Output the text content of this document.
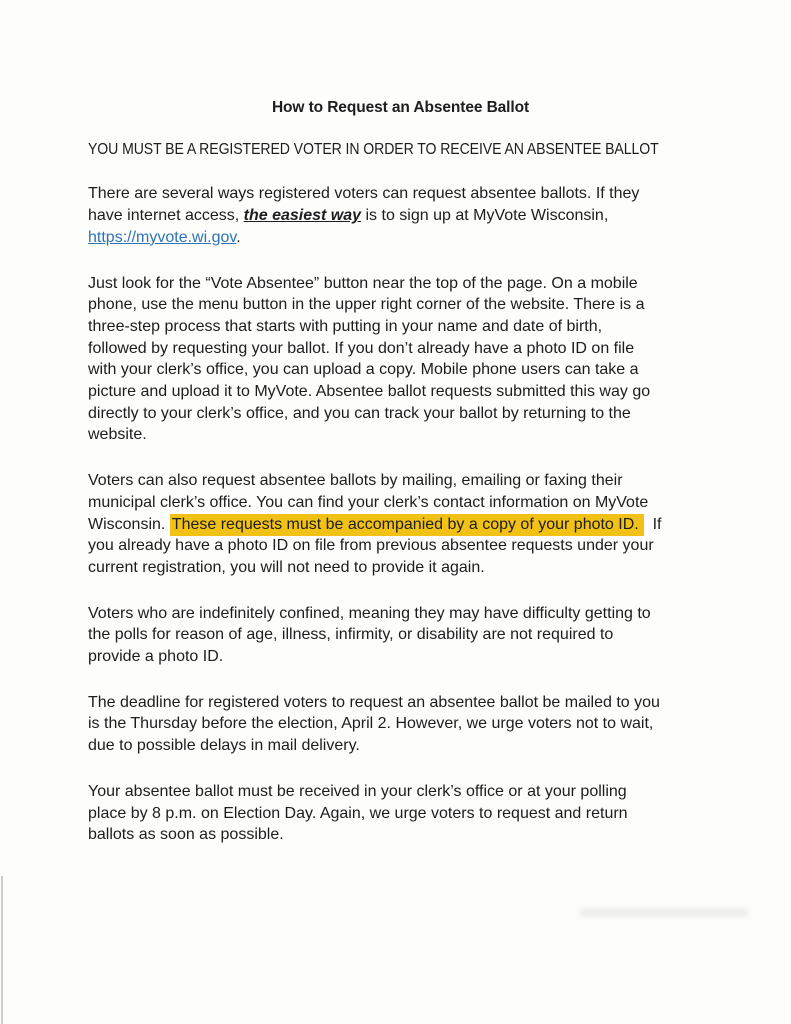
How to Request an Absentee Ballot
YOU MUST BE A REGISTERED VOTER IN ORDER TO RECEIVE AN ABSENTEE BALLOT
There are several ways registered voters can request absentee ballots. If they
have internet access, the easiest way is to sign up at MyVote Wisconsin,
https://myvote.wi.gov.
Just look for the “Vote Absentee” button near the top of the page. On a mobile
phone, use the menu button in the upper right corner of the website. There is a
three-step process that starts with putting in your name and date of birth,
followed by requesting your ballot. If you don’t already have a photo ID on file
with your clerk’s office, you can upload a copy. Mobile phone users can take a
picture and upload it to MyVote. Absentee ballot requests submitted this way go
directly to your clerk’s office, and you can track your ballot by returning to the
website.
Voters can also request absentee ballots by mailing, emailing or faxing their
municipal clerk’s office. You can find your clerk’s contact information on MyVote
Wisconsin. These requests must be accompanied by a copy of your photo ID.  If
you already have a photo ID on file from previous absentee requests under your
current registration, you will not need to provide it again.
Voters who are indefinitely confined, meaning they may have difficulty getting to
the polls for reason of age, illness, infirmity, or disability are not required to
provide a photo ID.
The deadline for registered voters to request an absentee ballot be mailed to you
is the Thursday before the election, April 2. However, we urge voters not to wait,
due to possible delays in mail delivery.
Your absentee ballot must be received in your clerk’s office or at your polling
place by 8 p.m. on Election Day. Again, we urge voters to request and return
ballots as soon as possible.
